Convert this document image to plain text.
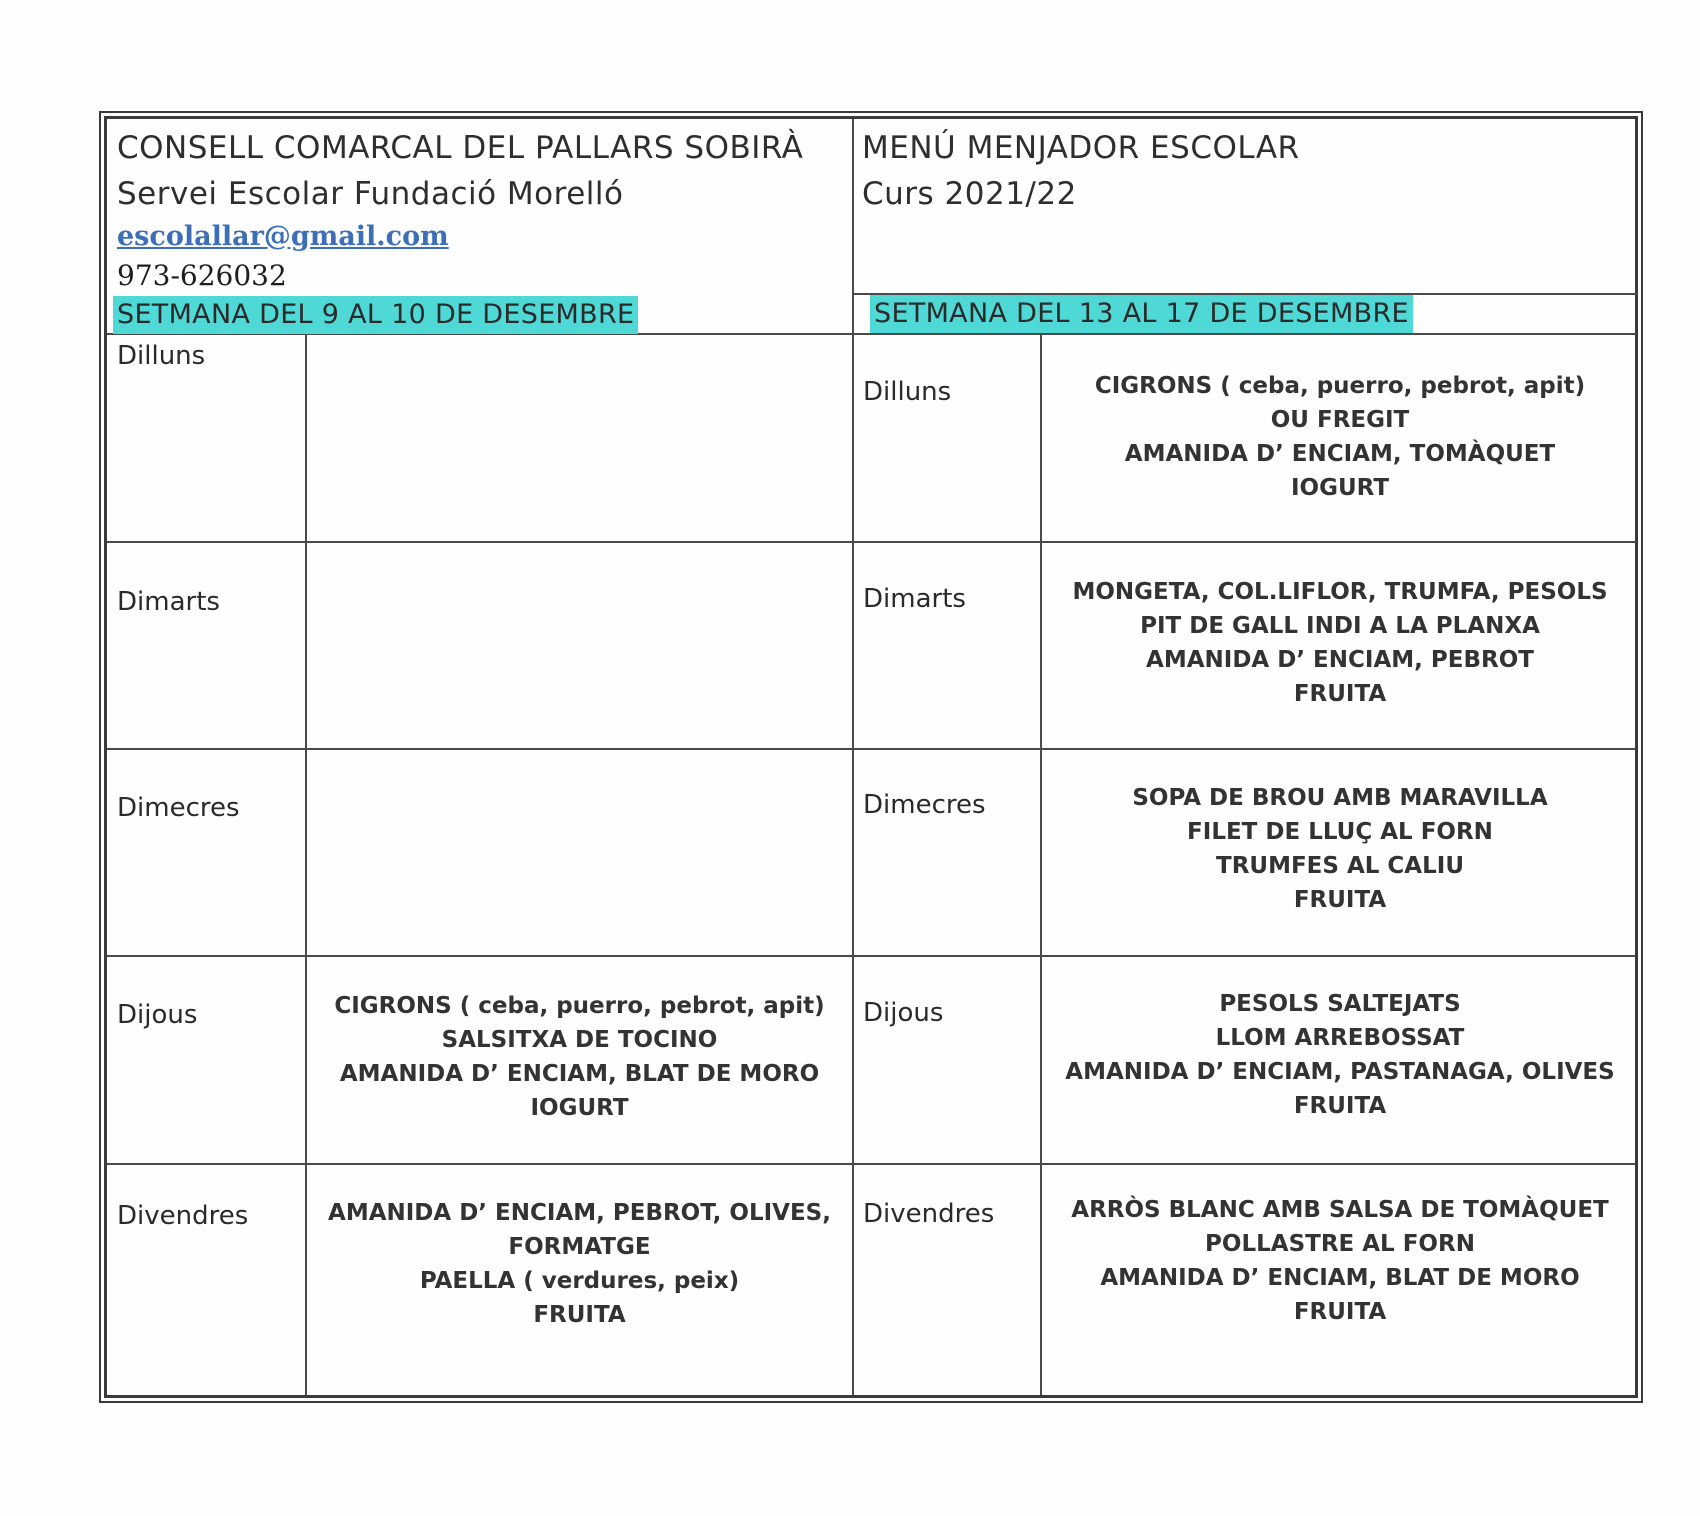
CONSELL COMARCAL DEL PALLARS SOBIRÀ
Servei Escolar Fundació Morelló
escolallar@gmail.com
973-626032
MENÚ MENJADOR ESCOLAR
Curs 2021/22
SETMANA DEL 9 AL 10 DE DESEMBRE	SETMANA DEL 13 AL 17 DE DESEMBRE
Dilluns
Dimarts
Dimecres
Dijous	CIGRONS ( ceba, puerro, pebrot, apit)
SALSITXA DE TOCINO
AMANIDA D’ ENCIAM, BLAT DE MORO
IOGURT
Divendres	AMANIDA D’ ENCIAM, PEBROT, OLIVES,
FORMATGE
PAELLA ( verdures, peix)
FRUITA
Dilluns	CIGRONS ( ceba, puerro, pebrot, apit)
OU FREGIT
AMANIDA D’ ENCIAM, TOMÀQUET
IOGURT
Dimarts	MONGETA, COL.LIFLOR, TRUMFA, PESOLS
PIT DE GALL INDI A LA PLANXA
AMANIDA D’ ENCIAM, PEBROT
FRUITA
Dimecres	SOPA DE BROU AMB MARAVILLA
FILET DE LLUÇ AL FORN
TRUMFES AL CALIU
FRUITA
Dijous	PESOLS SALTEJATS
LLOM ARREBOSSAT
AMANIDA D’ ENCIAM, PASTANAGA, OLIVES
FRUITA
Divendres	ARRÒS BLANC AMB SALSA DE TOMÀQUET
POLLASTRE AL FORN
AMANIDA D’ ENCIAM, BLAT DE MORO
FRUITA
